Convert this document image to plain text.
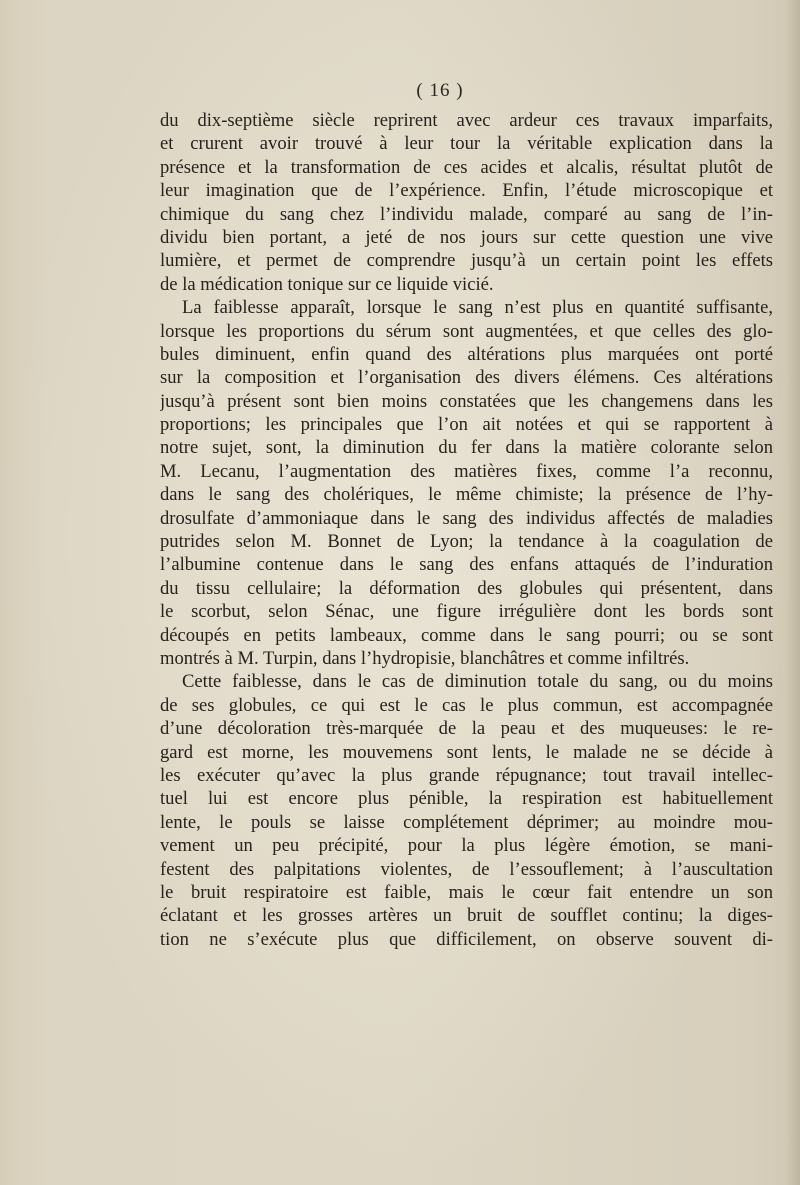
( 16 )
du dix-septième siècle reprirent avec ardeur ces travaux imparfaits,
et crurent avoir trouvé à leur tour la véritable explication dans la
présence et la transformation de ces acides et alcalis, résultat plutôt de
leur imagination que de l’expérience. Enfin, l’étude microscopique et
chimique du sang chez l’individu malade, comparé au sang de l’in-
dividu bien portant, a jeté de nos jours sur cette question une vive
lumière, et permet de comprendre jusqu’à un certain point les effets
de la médication tonique sur ce liquide vicié.
La faiblesse apparaît, lorsque le sang n’est plus en quantité suffisante,
lorsque les proportions du sérum sont augmentées, et que celles des glo-
bules diminuent, enfin quand des altérations plus marquées ont porté
sur la composition et l’organisation des divers élémens. Ces altérations
jusqu’à présent sont bien moins constatées que les changemens dans les
proportions; les principales que l’on ait notées et qui se rapportent à
notre sujet, sont, la diminution du fer dans la matière colorante selon
M. Lecanu, l’augmentation des matières fixes, comme l’a reconnu,
dans le sang des cholériques, le même chimiste; la présence de l’hy-
drosulfate d’ammoniaque dans le sang des individus affectés de maladies
putrides selon M. Bonnet de Lyon; la tendance à la coagulation de
l’albumine contenue dans le sang des enfans attaqués de l’induration
du tissu cellulaire; la déformation des globules qui présentent, dans
le scorbut, selon Sénac, une figure irrégulière dont les bords sont
découpés en petits lambeaux, comme dans le sang pourri; ou se sont
montrés à M. Turpin, dans l’hydropisie, blanchâtres et comme infiltrés.
Cette faiblesse, dans le cas de diminution totale du sang, ou du moins
de ses globules, ce qui est le cas le plus commun, est accompagnée
d’une décoloration très-marquée de la peau et des muqueuses: le re-
gard est morne, les mouvemens sont lents, le malade ne se décide à
les exécuter qu’avec la plus grande répugnance; tout travail intellec-
tuel lui est encore plus pénible, la respiration est habituellement
lente, le pouls se laisse complétement déprimer; au moindre mou-
vement un peu précipité, pour la plus légère émotion, se mani-
festent des palpitations violentes, de l’essouflement; à l’auscultation
le bruit respiratoire est faible, mais le cœur fait entendre un son
éclatant et les grosses artères un bruit de soufflet continu; la diges-
tion ne s’exécute plus que difficilement, on observe souvent di-
